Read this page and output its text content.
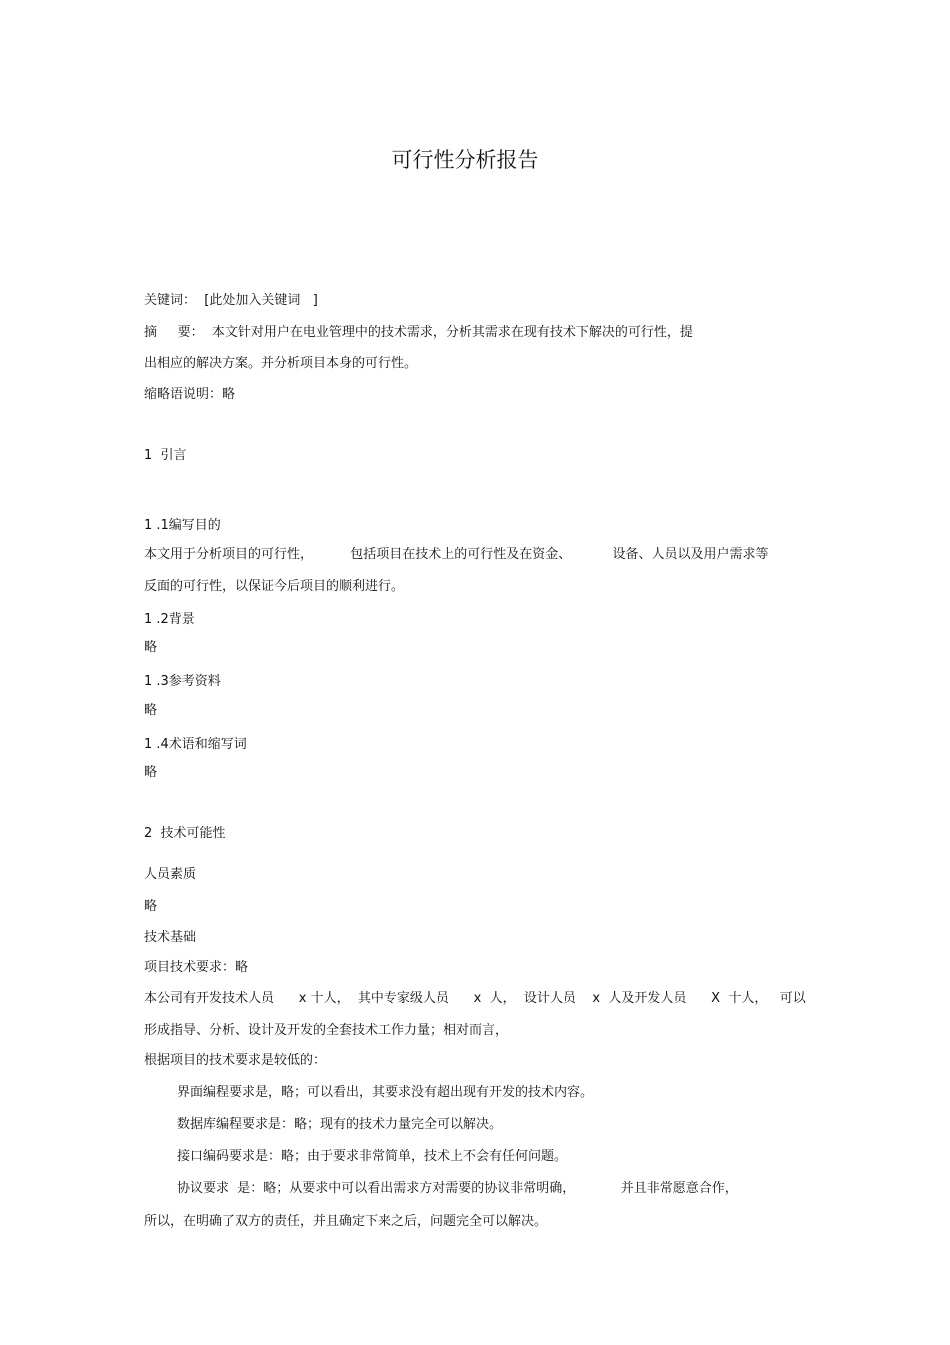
可行性分析报告
关键词：  [此处加入关键词   ]
摘     要：  本文针对用户在电业管理中的技术需求，分析其需求在现有技术下解决的可行性，提
出相应的解决方案。并分析项目本身的可行性。
缩略语说明：略
1  引言
1 .1编写目的
本文用于分析项目的可行性，         包括项目在技术上的可行性及在资金、          设备、人员以及用户需求等
反面的可行性，以保证今后项目的顺利进行。
1 .2背景
略
1 .3参考资料
略
1 .4术语和缩写词
略
2  技术可能性
人员素质
略
技术基础
项目技术要求：略
本公司有开发技术人员      x 十人，  其中专家级人员      x  人，  设计人员    x  人及开发人员      X  十人，   可以
形成指导、分析、设计及开发的全套技术工作力量；相对而言，
根据项目的技术要求是较低的：
界面编程要求是，略；可以看出，其要求没有超出现有开发的技术内容。
数据库编程要求是：略；现有的技术力量完全可以解决。
接口编码要求是：略；由于要求非常简单，技术上不会有任何问题。
协议要求  是：略；从要求中可以看出需求方对需要的协议非常明确，           并且非常愿意合作，
所以，在明确了双方的责任，并且确定下来之后，问题完全可以解决。
